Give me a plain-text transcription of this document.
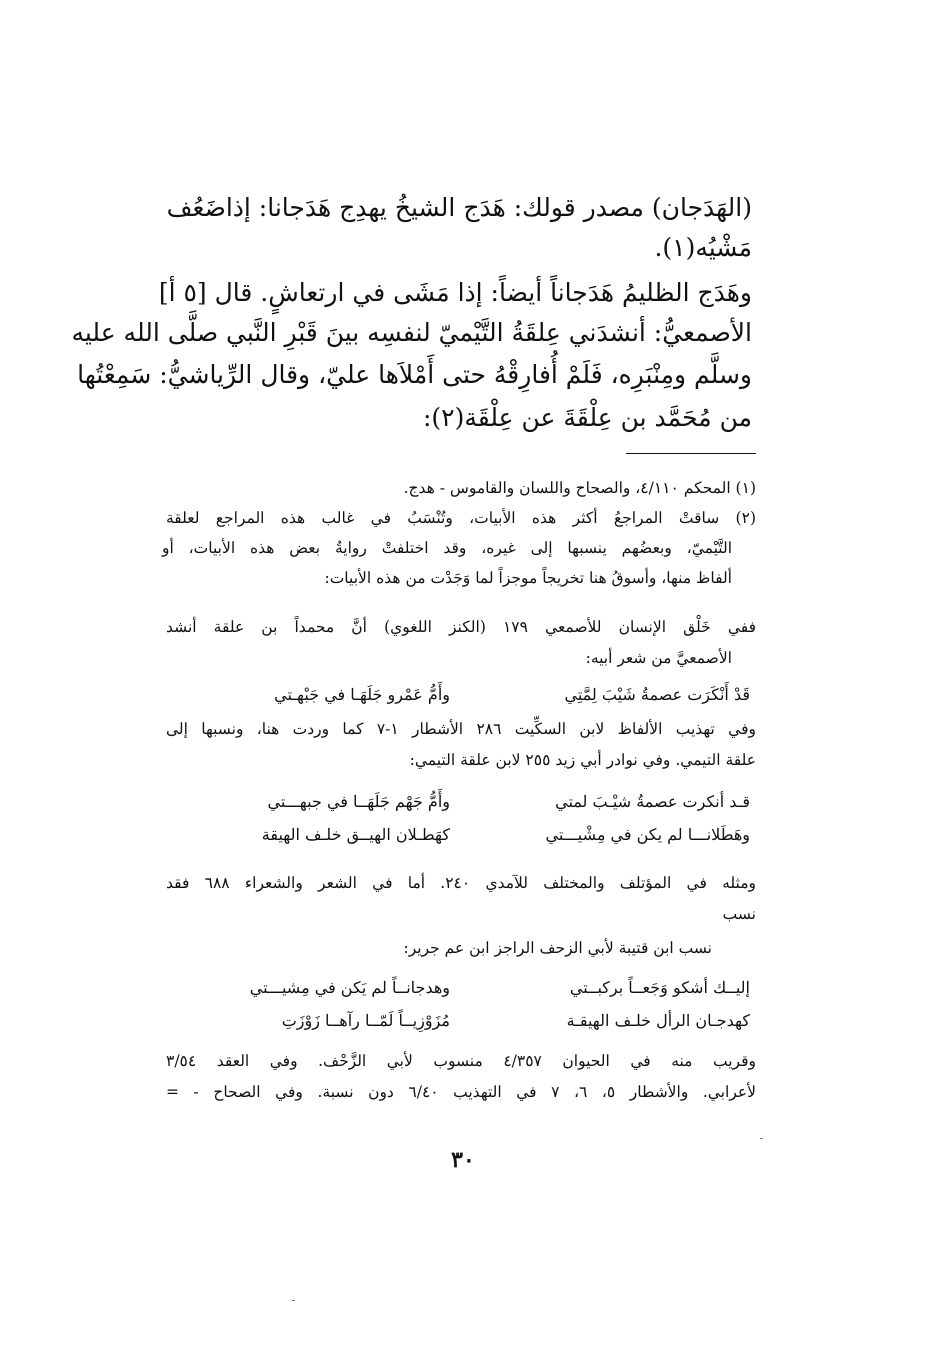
(الهَدَجان) مصدر قولك: هَدَج الشيخُ يهدِج هَدَجانا: إذاضَعُف
مَشْيُه(١).
وهَدَج الظليمُ هَدَجاناً أيضاً: إذا مَشَى في ارتعاشٍ. قال [٥ أ]
الأصمعيُّ: أنشدَني عِلقَةُ التَّيْميّ لنفسِه بينَ قَبْرِ النَّبي صلَّى الله عليه
وسلَّم ومِنْبَرِه، فَلَمْ أُفارِقْهُ حتى أَمْلاَها عليّ، وقال الرِّياشيُّ: سَمِعْتُها
من مُحَمَّد بن عِلْقَةَ عن عِلْقَة(٢):
(١) المحكم ٤/١١٠، والصحاح واللسان والقاموس - هدج.
(٢) ساقتْ المراجعُ أكثر هذه الأبيات، وتُنْسَبُ في غالب هذه المراجع لعلقة
التَّيْميّ، وبعضُهم ينسبها إلى غيره، وقد اختلفتْ روايةُ بعض هذه الأبيات، أو
ألفاظ منها، وأسوقُ هنا تخريجاً موجزاً لما وَجَدْت من هذه الأبيات:
ففي خَلْق الإنسان للأصمعي ١٧٩ (الكنز اللغوي) أنَّ محمداً بن علقة أنشد
الأصمعيَّ من شعر أبيه:
قَدْ أَنْكَرَت عصمةُ شَيْبَ لِمَّتِي
وأَمُّ عَمْرو جَلَهَـا في جَبْهـتي
وفي تهذيب الألفاظ لابن السكِّيت ٢٨٦ الأشطار ١-٧ كما وردت هنا، ونسبها إلى
علقة التيمي. وفي نوادر أبي زيد ٢٥٥ لابن علقة التيمي:
قـد أنكرت عصمةُ شيْـبَ لمتي
وأَمُّ جَهْم جَلَهَــا في جبهـــتي
وهَطَلانـــا لم يكن في مِشْيـــتي
كهَطـلان الهيــق خلـف الهيقة
ومثله في المؤتلف والمختلف للآمدي ٢٤٠. أما في الشعر والشعراء ٦٨٨ فقد
نسب
نسب ابن قتيبة لأبي الزحف الراجز ابن عم جرير:
إليــك أشكو وَجَعــاً بركبــتي
وهدجانــاً لم يَكن في مِشيـــتي
كهدجـان الرأل خلـف الهيقـة
مُزَوْزِيــاً لَمّــا رآهــا زَوْزَتِ
وقريب منه في الحيوان ٤/٣٥٧ منسوب لأبي الزَّحْف. وفي العقد ٣/٥٤
لأعرابي. والأشطار ٥، ٦، ٧ في التهذيب ٦/٤٠ دون نسبة. وفي الصحاح - =
٣٠
